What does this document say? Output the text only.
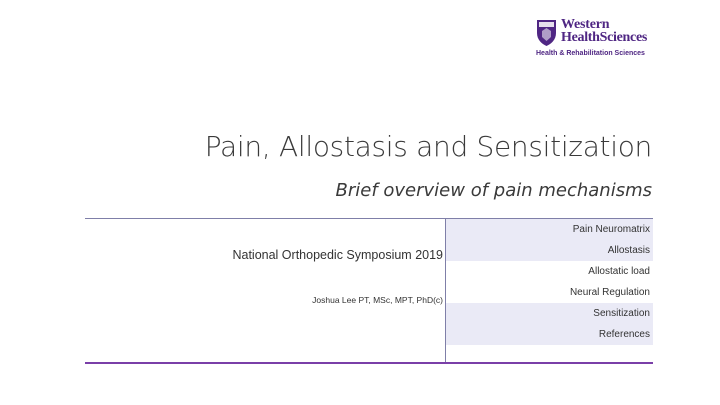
Western
HealthSciences
Health & Rehabilitation Sciences
Pain, Allostasis and Sensitization
Brief overview of pain mechanisms
National Orthopedic Symposium 2019
Joshua Lee PT, MSc, MPT, PhD(c)
Pain Neuromatrix
Allostasis
Allostatic load
Neural Regulation
Sensitization
References
